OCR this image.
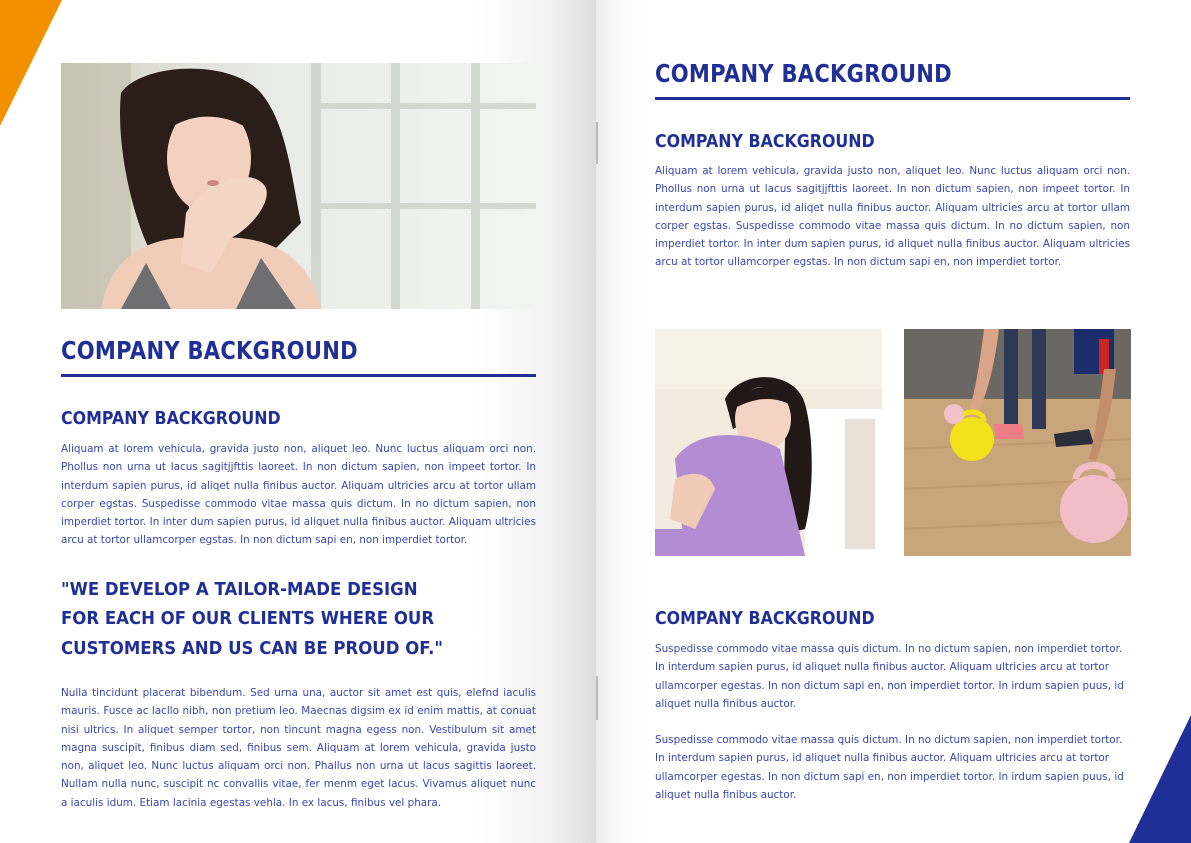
COMPANY BACKGROUND
COMPANY BACKGROUND
Aliquam at lorem vehicula, gravida justo non, aliquet leo. Nunc luctus aliquam orci non. Phollus non urna ut lacus sagitjjfttis laoreet. In non dictum sapien, non impeet tortor. In interdum sapien purus, id aliqet nulla finibus auctor. Aliquam ultricies arcu at tortor ullam corper egstas. Suspedisse commodo vitae massa quis dictum. In no dictum sapien, non imperdiet tortor. In inter dum sapien purus, id aliquet nulla finibus auctor. Aliquam ultricies arcu at tortor ullamcorper egstas. In non dictum sapi en, non imperdiet tortor.
"WE DEVELOP A TAILOR-MADE DESIGN FOR EACH OF OUR CLIENTS WHERE OUR CUSTOMERS AND US CAN BE PROUD OF."
Nulla tincidunt placerat bibendum. Sed urna una, auctor sit amet est quis, elefnd iaculis mauris. Fusce ac lacllo nibh, non pretium leo. Maecnas digsim ex id enim mattis, at conuat nisi ultrics. In aliquet semper tortor, non tincunt magna egess non. Vestibulum sit amet magna suscipit, finibus diam sed, finibus sem. Aliquam at lorem vehicula, gravida justo non, aliquet leo. Nunc luctus aliquam orci non. Phallus non urna ut lacus sagittis laoreet. Nullam nulla nunc, suscipit nc convallis vitae, fer menm eget lacus. Vivamus aliquet nunc a iaculis idum. Etiam lacinia egestas vehla. In ex lacus, finibus vel phara.
COMPANY BACKGROUND
COMPANY BACKGROUND
Aliquam at lorem vehicula, gravida justo non, aliquet leo. Nunc luctus aliquam orci non. Phollus non urna ut lacus sagitjjfttis laoreet. In non dictum sapien, non impeet tortor. In interdum sapien purus, id aliqet nulla finibus auctor. Aliquam ultricies arcu at tortor ullam corper egstas. Suspedisse commodo vitae massa quis dictum. In no dictum sapien, non imperdiet tortor. In inter dum sapien purus, id aliquet nulla finibus auctor. Aliquam ultricies arcu at tortor ullamcorper egstas. In non dictum sapi en, non imperdiet tortor.
COMPANY BACKGROUND
Suspedisse commodo vitae massa quis dictum. In no dictum sapien, non imperdiet tortor. In interdum sapien purus, id aliquet nulla finibus auctor. Aliquam ultricies arcu at tortor ullamcorper egestas. In non dictum sapi en, non imperdiet tortor. In irdum sapien puus, id aliquet nulla finibus auctor.
Suspedisse commodo vitae massa quis dictum. In no dictum sapien, non imperdiet tortor. In interdum sapien purus, id aliquet nulla finibus auctor. Aliquam ultricies arcu at tortor ullamcorper egestas. In non dictum sapi en, non imperdiet tortor. In irdum sapien puus, id aliquet nulla finibus auctor.
